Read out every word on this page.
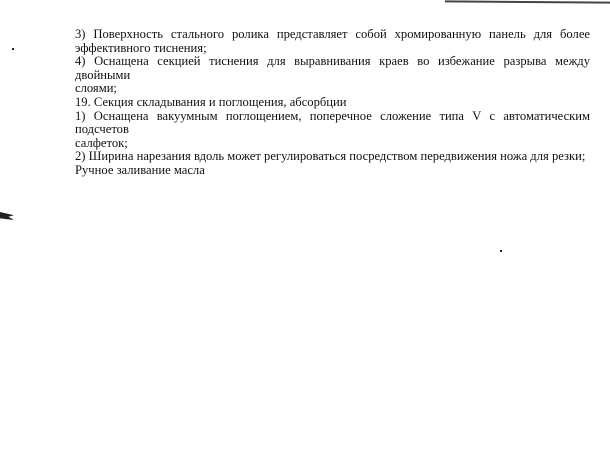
3) Поверхность стального ролика представляет собой хромированную панель для более
эффективного тиснения;
4) Оснащена секцией тиснения для выравнивания краев во избежание разрыва между двойными
слоями;
19. Секция складывания и поглощения, абсорбции
1) Оснащена вакуумным поглощением, поперечное сложение типа V с автоматическим подсчетов
салфеток;
2) Ширина нарезания вдоль может регулироваться посредством передвижения ножа для резки;
Ручное заливание масла
